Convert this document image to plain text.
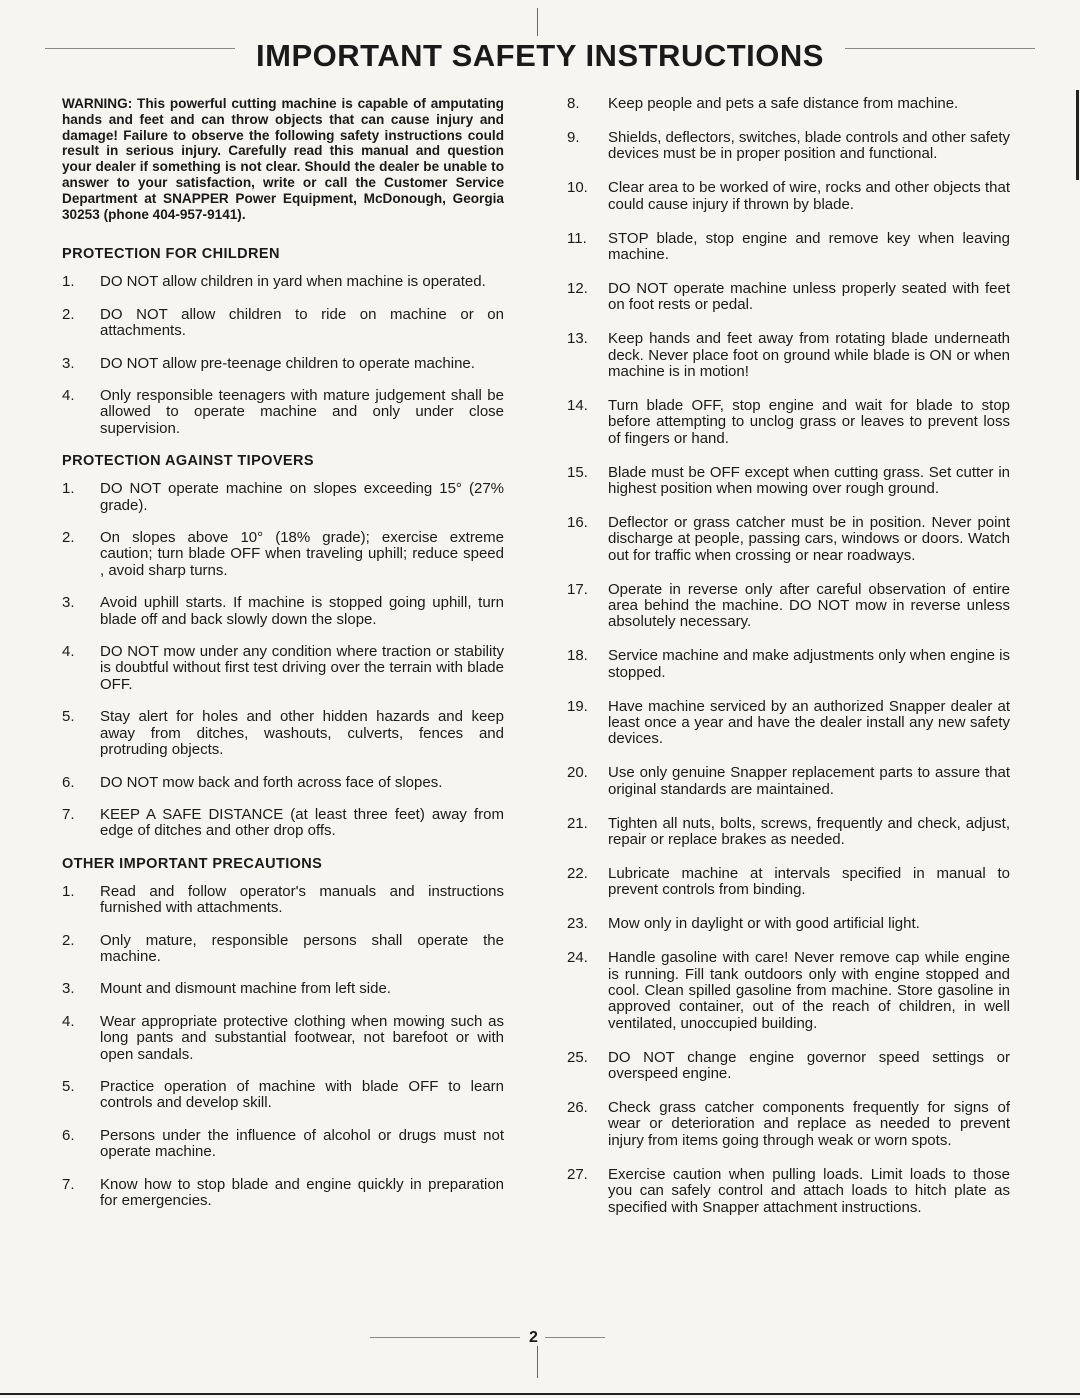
IMPORTANT SAFETY INSTRUCTIONS

WARNING: This powerful cutting machine is capable of amputating hands and feet and can throw objects that can cause injury and damage! Failure to observe the following safety instructions could result in serious injury. Carefully read this manual and question your dealer if something is not clear. Should the dealer be unable to answer to your satisfaction, write or call the Customer Service Department at SNAPPER Power Equipment, McDonough, Georgia 30253 (phone 404-957-9141).

PROTECTION FOR CHILDREN
1.	DO NOT allow children in yard when machine is operated.
2.	DO NOT allow children to ride on machine or on attachments.
3.	DO NOT allow pre-teenage children to operate machine.
4.	Only responsible teenagers with mature judgement shall be allowed to operate machine and only under close supervision.
PROTECTION AGAINST TIPOVERS
1.	DO NOT operate machine on slopes exceeding 15° (27% grade).
2.	On slopes above 10° (18% grade); exercise extreme caution; turn blade OFF when traveling uphill; reduce speed , avoid sharp turns.
3.	Avoid uphill starts. If machine is stopped going uphill, turn blade off and back slowly down the slope.
4.	DO NOT mow under any condition where traction or stability is doubtful without first test driving over the terrain with blade OFF.
5.	Stay alert for holes and other hidden hazards and keep away from ditches, washouts, culverts, fences and protruding objects.
6.	DO NOT mow back and forth across face of slopes.
7.	KEEP A SAFE DISTANCE (at least three feet) away from edge of ditches and other drop offs.
OTHER IMPORTANT PRECAUTIONS
1.	Read and follow operator's manuals and instructions furnished with attachments.
2.	Only mature, responsible persons shall operate the machine.
3.	Mount and dismount machine from left side.
4.	Wear appropriate protective clothing when mowing such as long pants and substantial footwear, not barefoot or with open sandals.
5.	Practice operation of machine with blade OFF to learn controls and develop skill.
6.	Persons under the influence of alcohol or drugs must not operate machine.
7.	Know how to stop blade and engine quickly in preparation for emergencies.
8.	Keep people and pets a safe distance from machine.
9.	Shields, deflectors, switches, blade controls and other safety devices must be in proper position and functional.
10.	Clear area to be worked of wire, rocks and other objects that could cause injury if thrown by blade.
11.	STOP blade, stop engine and remove key when leaving machine.
12.	DO NOT operate machine unless properly seated with feet on foot rests or pedal.
13.	Keep hands and feet away from rotating blade underneath deck. Never place foot on ground while blade is ON or when machine is in motion!
14.	Turn blade OFF, stop engine and wait for blade to stop before attempting to unclog grass or leaves to prevent loss of fingers or hand.
15.	Blade must be OFF except when cutting grass. Set cutter in highest position when mowing over rough ground.
16.	Deflector or grass catcher must be in position. Never point discharge at people, passing cars, windows or doors. Watch out for traffic when crossing or near roadways.
17.	Operate in reverse only after careful observation of entire area behind the machine. DO NOT mow in reverse unless absolutely necessary.
18.	Service machine and make adjustments only when engine is stopped.
19.	Have machine serviced by an authorized Snapper dealer at least once a year and have the dealer install any new safety devices.
20.	Use only genuine Snapper replacement parts to assure that original standards are maintained.
21.	Tighten all nuts, bolts, screws, frequently and check, adjust, repair or replace brakes as needed.
22.	Lubricate machine at intervals specified in manual to prevent controls from binding.
23.	Mow only in daylight or with good artificial light.
24.	Handle gasoline with care! Never remove cap while engine is running. Fill tank outdoors only with engine stopped and cool. Clean spilled gasoline from machine. Store gasoline in approved container, out of the reach of children, in well ventilated, unoccupied building.
25.	DO NOT change engine governor speed settings or overspeed engine.
26.	Check grass catcher components frequently for signs of wear or deterioration and replace as needed to prevent injury from items going through weak or worn spots.
27.	Exercise caution when pulling loads. Limit loads to those you can safely control and attach loads to hitch plate as specified with Snapper attachment instructions.
2
